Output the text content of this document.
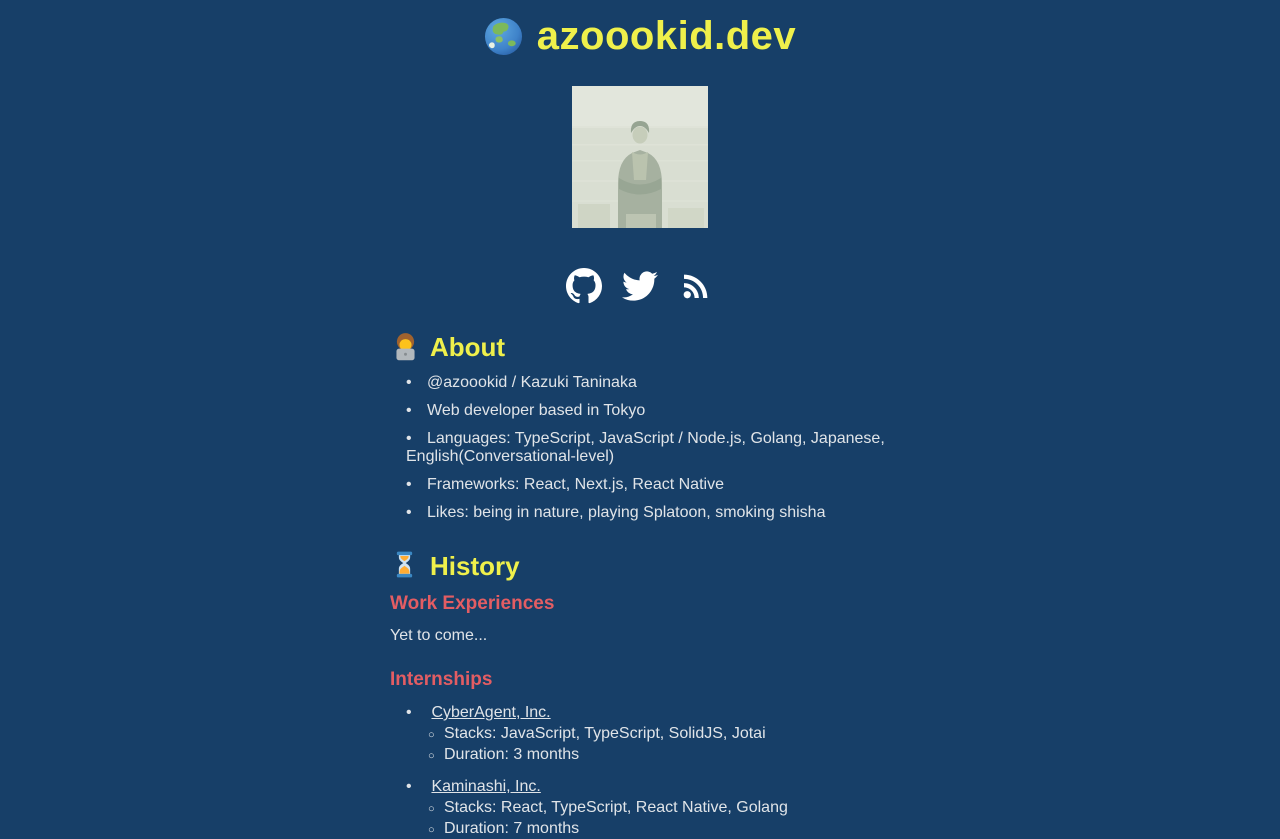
azoookid.dev
About
• @azoookid / Kazuki Taninaka
• Web developer based in Tokyo
• Languages: TypeScript, JavaScript / Node.js, Golang, Japanese, English(Conversational-level)
• Frameworks: React, Next.js, React Native
• Likes: being in nature, playing Splatoon, smoking shisha
History
Work Experiences

Yet to come...

Internships
• CyberAgent, Inc.
○ Stacks: JavaScript, TypeScript, SolidJS, Jotai
○ Duration: 3 months
• Kaminashi, Inc.
○ Stacks: React, TypeScript, React Native, Golang
○ Duration: 7 months
